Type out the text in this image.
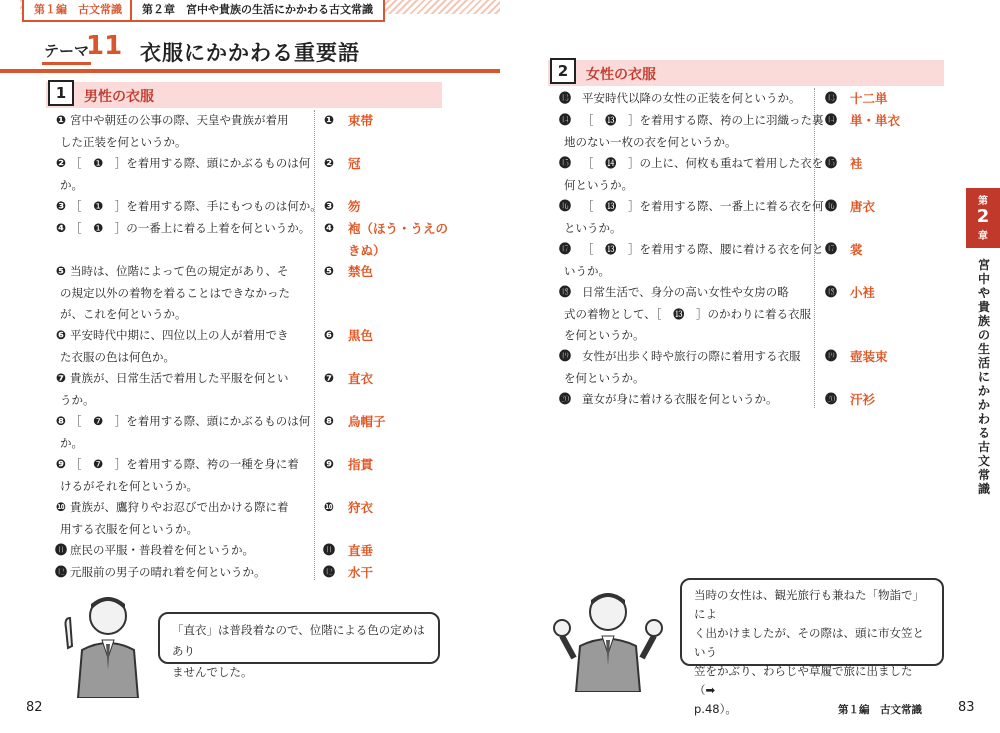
第１編　古文常識	第２章　宮中や貴族の生活にかかわる古文常識
テーマ
11 衣服にかかわる重要語
1	男性の衣服
❶ 宮中や朝廷の公事の際、天皇や貴族が着用
した正装を何というか。
❶ 束帯
❷ ［　❶　］を着用する際、頭にかぶるものは何
か。
❷ 冠
❸ ［　❶　］を着用する際、手にもつものは何か。 ❸ 笏
❹ ［　❶　］の一番上に着る上着を何というか。 ❹ 袍（ほう・うえの
きぬ）
❺ 当時は、位階によって色の規定があり、そ
の規定以外の着物を着ることはできなかった
が、これを何というか。
❺ 禁色
❻ 平安時代中期に、四位以上の人が着用でき
た衣服の色は何色か。
❻ 黒色
❼ 貴族が、日常生活で着用した平服を何とい
うか。
❼ 直衣
❽ ［　❼　］を着用する際、頭にかぶるものは何
か。
❽ 烏帽子
❾ ［　❼　］を着用する際、袴の一種を身に着
けるがそれを何というか。
❾ 指貫
❿ 貴族が、鷹狩りやお忍びで出かける際に着
用する衣服を何というか。
❿ 狩衣
⓫ 庶民の平服・普段着を何というか。	⓫ 直垂
⓬ 元服前の男子の晴れ着を何というか。	⓬ 水干
2	女性の衣服
⓭ 平安時代以降の女性の正装を何というか。 ⓭ 十二単
⓮ ［　⓭　］を着用する際、袴の上に羽織った裏
地のない一枚の衣を何というか。
⓮ 単・単衣
⓯ ［　⓮　］の上に、何枚も重ねて着用した衣を
何というか。
⓯ 袿
⓰ ［　⓭　］を着用する際、一番上に着る衣を何
というか。
⓰ 唐衣
⓱ ［　⓭　］を着用する際、腰に着ける衣を何と
いうか。
⓱ 裳
⓲ 日常生活で、身分の高い女性や女房の略
式の着物として、［　⓭　］のかわりに着る衣服
を何というか。
⓲ 小袿
⓳ 女性が出歩く時や旅行の際に着用する衣服
を何というか。
⓳ 壺装束
⓴ 童女が身に着ける衣服を何というか。	⓴ 汗衫
「直衣」は普段着なので、位階による色の定めはあり
ませんでした。
当時の女性は、観光旅行も兼ねた「物詣で」によ
く出かけましたが、その際は、頭に市女笠という
笠をかぶり、わらじや草履で旅に出ました（➡
p.48）。
第
2
章
宮中や貴族の生活にかかわる古文常識
82	第１編　古文常識	83
